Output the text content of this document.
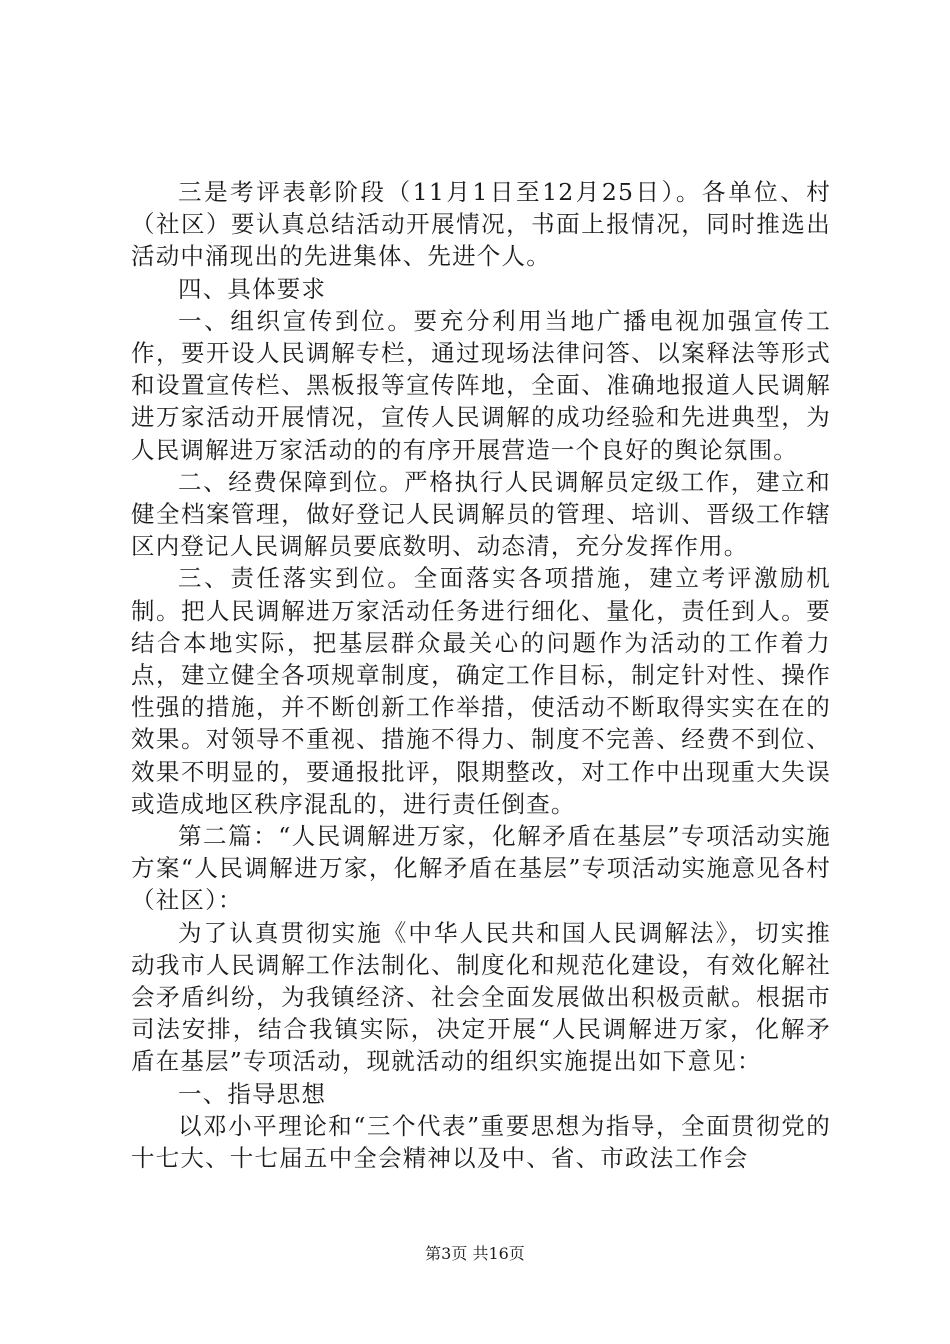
三是考评表彰阶段（11月1日至12月25日）。各单位、村（社区）要认真总结活动开展情况，书面上报情况，同时推选出活动中涌现出的先进集体、先进个人。

四、具体要求

一、组织宣传到位。要充分利用当地广播电视加强宣传工作，要开设人民调解专栏，通过现场法律问答、以案释法等形式和设置宣传栏、黑板报等宣传阵地，全面、准确地报道人民调解进万家活动开展情况，宣传人民调解的成功经验和先进典型，为人民调解进万家活动的的有序开展营造一个良好的舆论氛围。

二、经费保障到位。严格执行人民调解员定级工作，建立和健全档案管理，做好登记人民调解员的管理、培训、晋级工作辖区内登记人民调解员要底数明、动态清，充分发挥作用。

三、责任落实到位。全面落实各项措施，建立考评激励机制。把人民调解进万家活动任务进行细化、量化，责任到人。要结合本地实际，把基层群众最关心的问题作为活动的工作着力点，建立健全各项规章制度，确定工作目标，制定针对性、操作性强的措施，并不断创新工作举措，使活动不断取得实实在在的效果。对领导不重视、措施不得力、制度不完善、经费不到位、效果不明显的，要通报批评，限期整改，对工作中出现重大失误或造成地区秩序混乱的，进行责任倒查。

第二篇：“人民调解进万家，化解矛盾在基层”专项活动实施方案“人民调解进万家，化解矛盾在基层”专项活动实施意见各村（社区）：

为了认真贯彻实施《中华人民共和国人民调解法》，切实推动我市人民调解工作法制化、制度化和规范化建设，有效化解社会矛盾纠纷，为我镇经济、社会全面发展做出积极贡献。根据市司法安排，结合我镇实际，决定开展“人民调解进万家，化解矛盾在基层”专项活动，现就活动的组织实施提出如下意见：

一、指导思想

以邓小平理论和“三个代表”重要思想为指导，全面贯彻党的十七大、十七届五中全会精神以及中、省、市政法工作会

第3页 共16页
